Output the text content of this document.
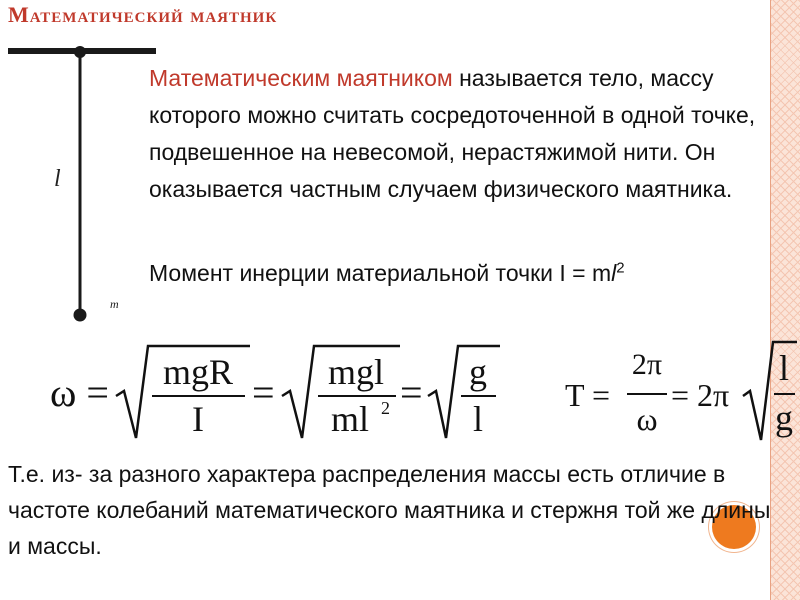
Математический маятник
l
m
Математическим маятником называется тело, массу которого можно считать сосредоточенной в одной точке, подвешенное на невесомой, нерастяжимой нити. Он оказывается частным случаем физического маятника.
Момент инерции материальной точки $I = ml^2$
ω = mgR
I
= mgl
ml 2 = g
l
T =
2π
ω
= 2π
l
g
Т.е. из- за разного характера распределения массы есть отличие в частоте колебаний математического маятника и стержня той же длины и массы.
